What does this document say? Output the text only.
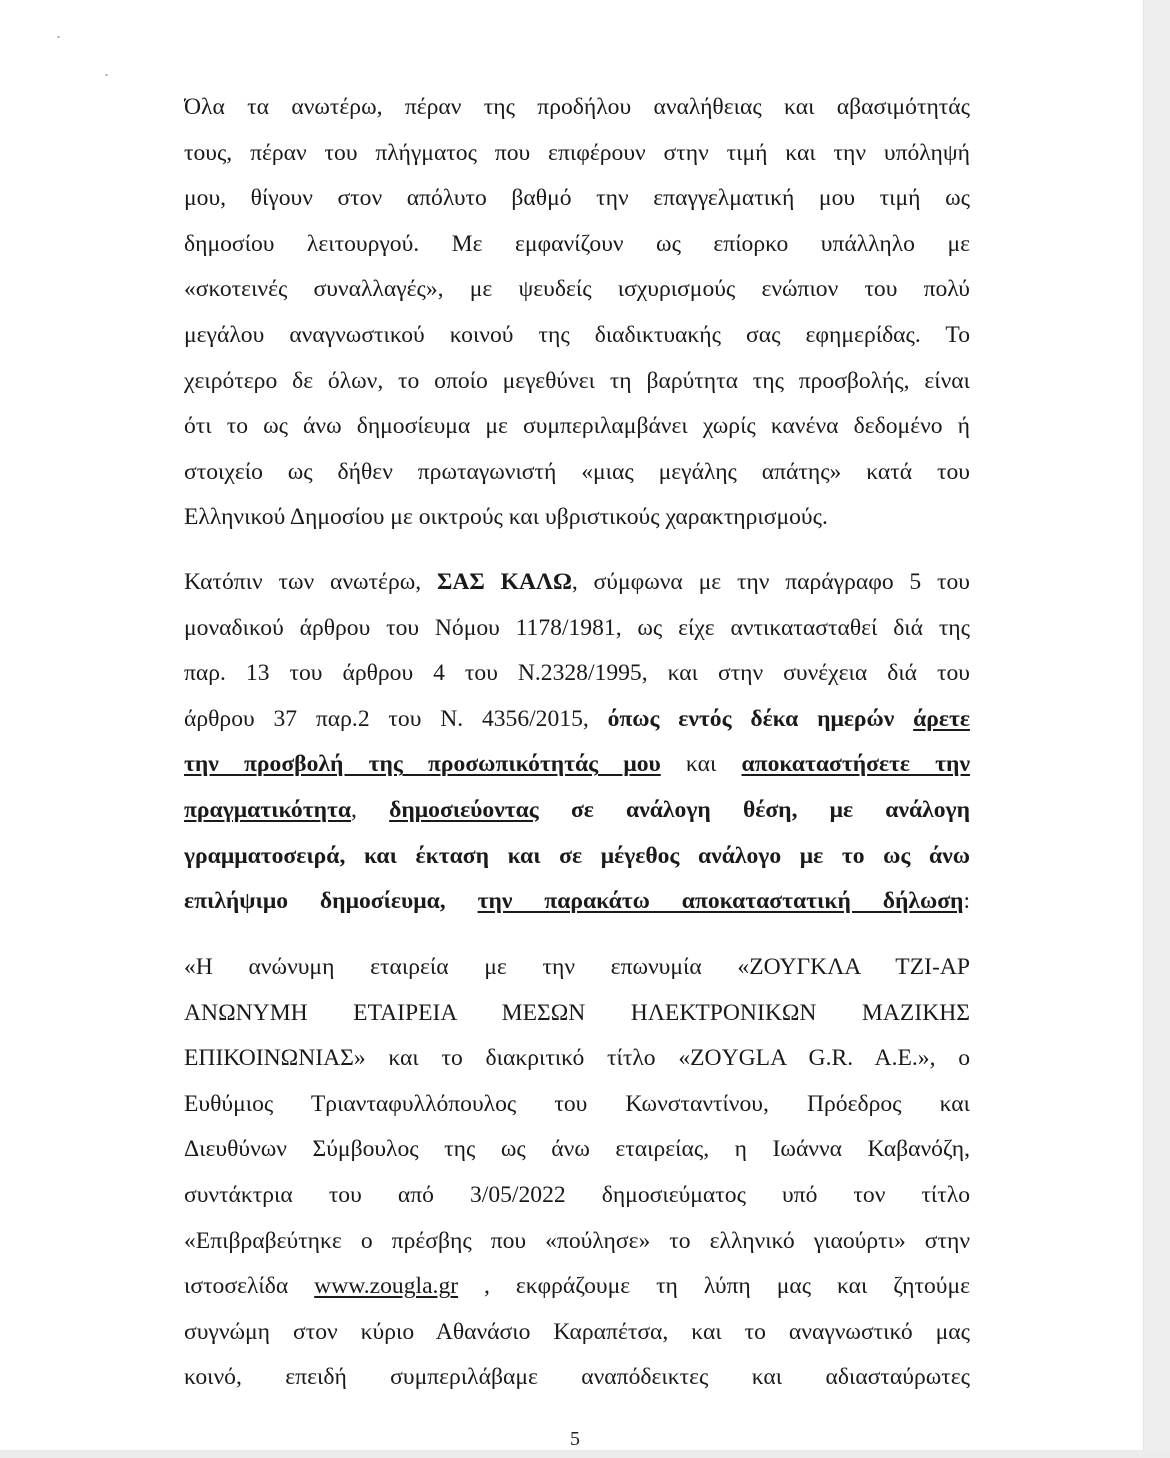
Όλα τα ανωτέρω, πέραν της προδήλου αναλήθειας και αβασιμότητάς
τους, πέραν του πλήγματος που επιφέρουν στην τιμή και την υπόληψή
μου, θίγουν στον απόλυτο βαθμό την επαγγελματική μου τιμή ως
δημοσίου λειτουργού. Με εμφανίζουν ως επίορκο υπάλληλο με
«σκοτεινές συναλλαγές», με ψευδείς ισχυρισμούς ενώπιον του πολύ
μεγάλου αναγνωστικού κοινού της διαδικτυακής σας εφημερίδας. Το
χειρότερο δε όλων, το οποίο μεγεθύνει τη βαρύτητα της προσβολής, είναι
ότι το ως άνω δημοσίευμα με συμπεριλαμβάνει χωρίς κανένα δεδομένο ή
στοιχείο ως δήθεν πρωταγωνιστή «μιας μεγάλης απάτης» κατά του
Ελληνικού Δημοσίου με οικτρούς και υβριστικούς χαρακτηρισμούς.
Κατόπιν των ανωτέρω, ΣΑΣ ΚΑΛΩ, σύμφωνα με την παράγραφο 5 του
μοναδικού άρθρου του Νόμου 1178/1981, ως είχε αντικατασταθεί διά της
παρ. 13 του άρθρου 4 του Ν.2328/1995, και στην συνέχεια διά του
άρθρου 37 παρ.2 του Ν. 4356/2015, όπως εντός δέκα ημερών άρετε
την προσβολή της προσωπικότητάς μου και αποκαταστήσετε την
πραγματικότητα, δημοσιεύοντας σε ανάλογη θέση, με ανάλογη
γραμματοσειρά, και έκταση και σε μέγεθος ανάλογο με το ως άνω
επιλήψιμο δημοσίευμα, την παρακάτω αποκαταστατική δήλωση:
«Η ανώνυμη εταιρεία με την επωνυμία «ΖΟΥΓΚΛΑ ΤΖΙ-ΑΡ
ΑΝΩΝΥΜΗ ΕΤΑΙΡΕΙΑ ΜΕΣΩΝ ΗΛΕΚΤΡΟΝΙΚΩΝ ΜΑΖΙΚΗΣ
ΕΠΙΚΟΙΝΩΝΙΑΣ» και το διακριτικό τίτλο «ZOYGLA G.R. A.E.», ο
Ευθύμιος Τριανταφυλλόπουλος του Κωνσταντίνου, Πρόεδρος και
Διευθύνων Σύμβουλος της ως άνω εταιρείας, η Ιωάννα Καβανόζη,
συντάκτρια του από 3/05/2022 δημοσιεύματος υπό τον τίτλο
«Επιβραβεύτηκε ο πρέσβης που «πούλησε» το ελληνικό γιαούρτι» στην
ιστοσελίδα www.zougla.gr , εκφράζουμε τη λύπη μας και ζητούμε
συγνώμη στον κύριο Αθανάσιο Καραπέτσα, και το αναγνωστικό μας
κοινό, επειδή συμπεριλάβαμε αναπόδεικτες και αδιασταύρωτες
5
